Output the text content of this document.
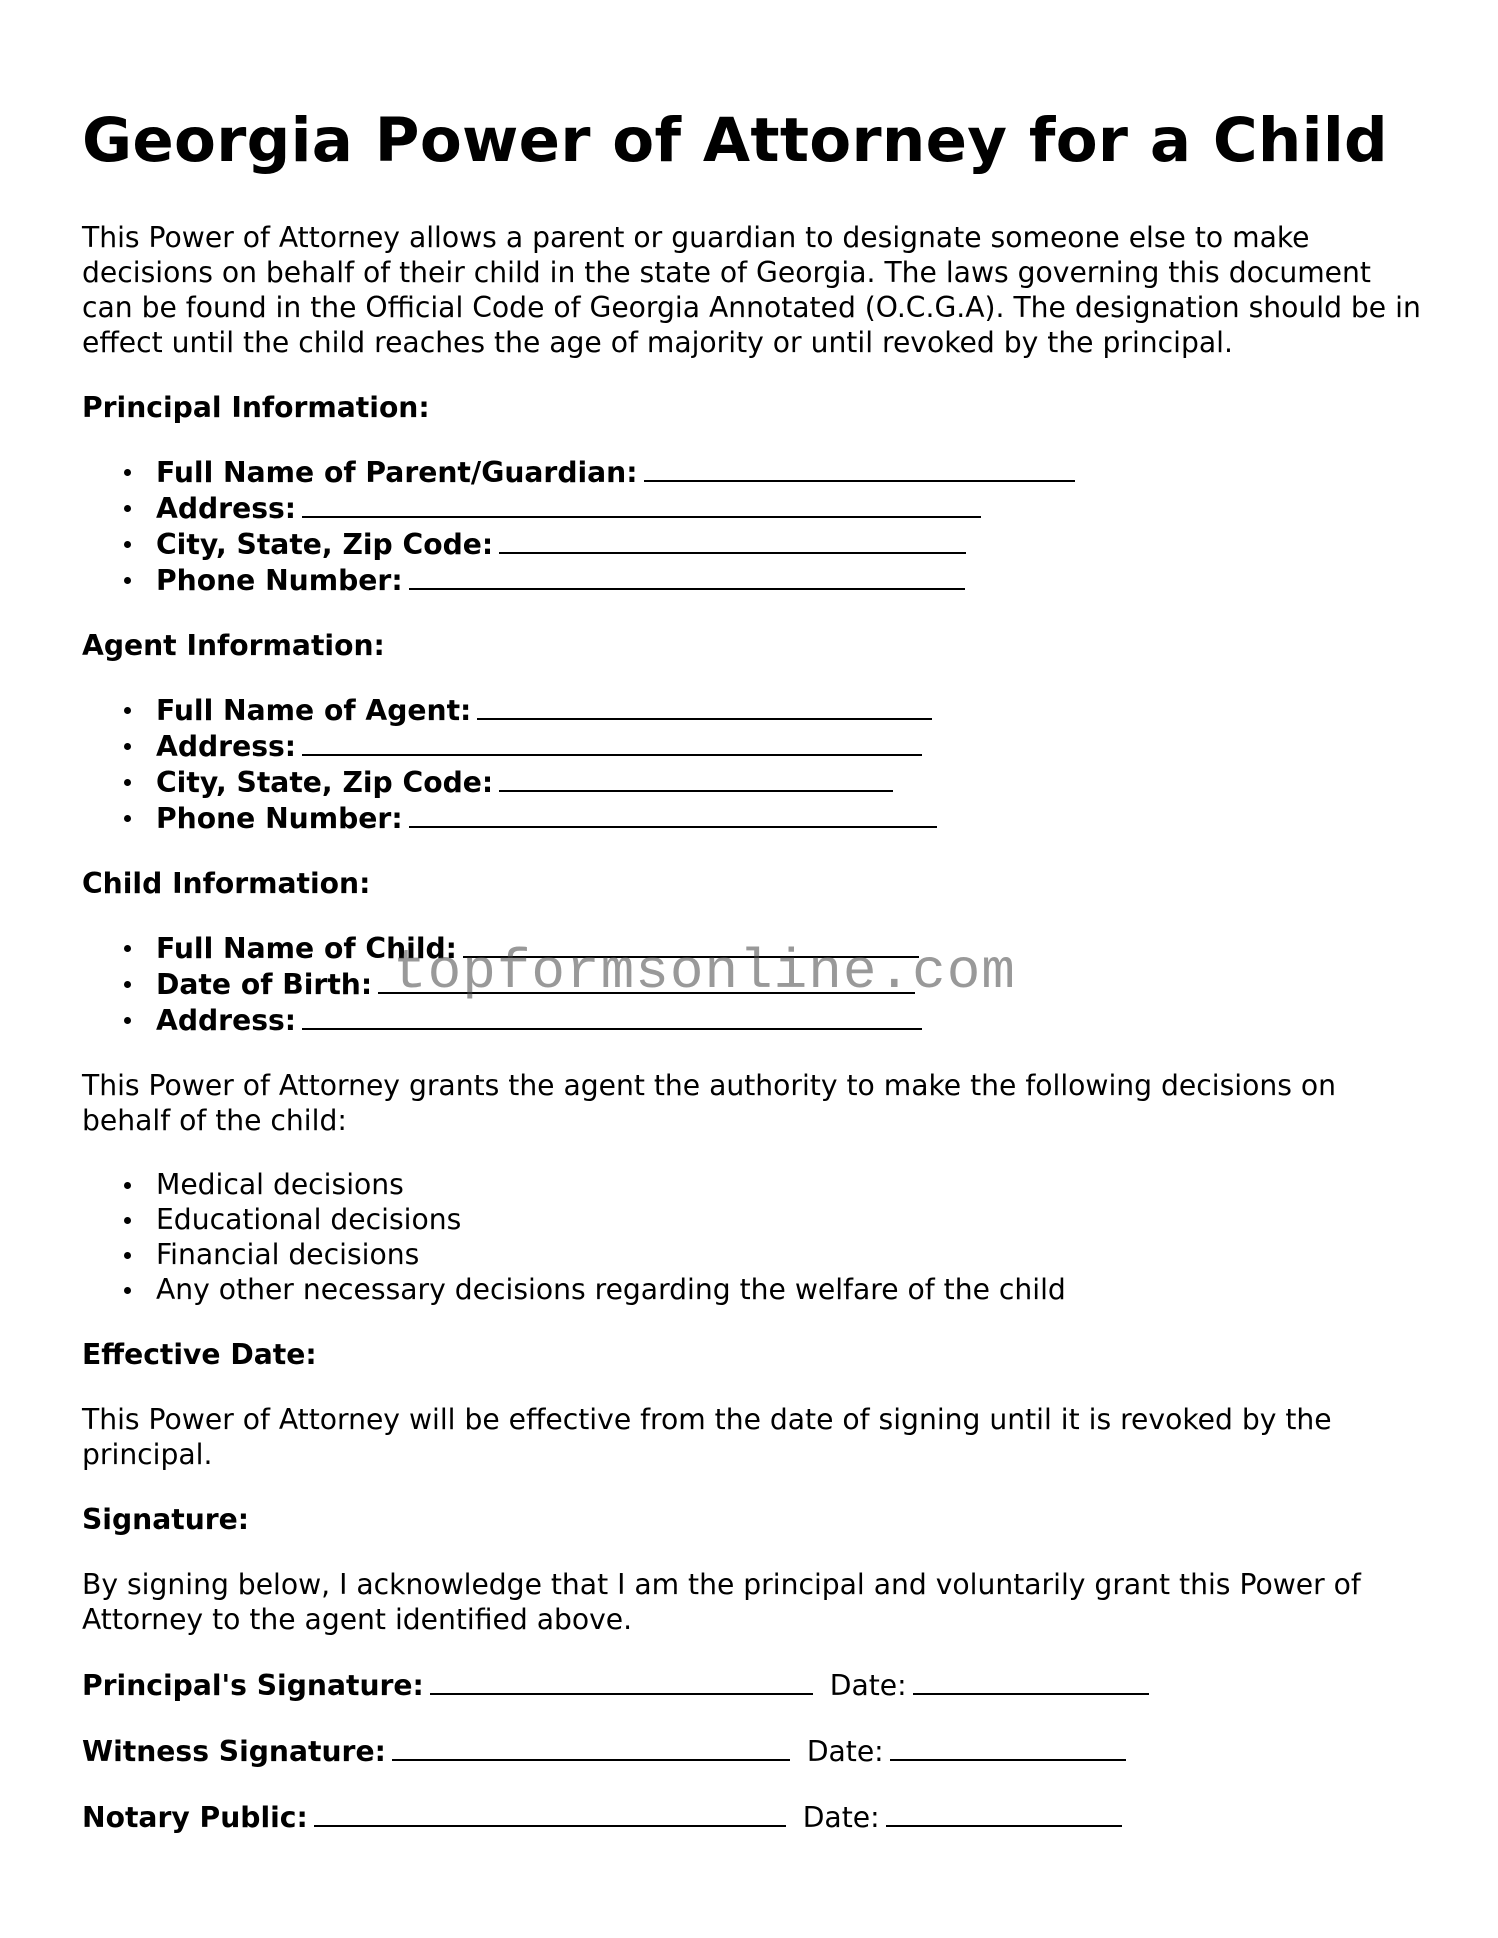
Georgia Power of Attorney for a Child

This Power of Attorney allows a parent or guardian to designate someone else to make decisions on behalf of their child in the state of Georgia. The laws governing this document can be found in the Official Code of Georgia Annotated (O.C.G.A). The designation should be in effect until the child reaches the age of majority or until revoked by the principal.

Principal Information:

Full Name of Parent/Guardian:
Address:
City, State, Zip Code:
Phone Number:

Agent Information:

Full Name of Agent:
Address:
City, State, Zip Code:
Phone Number:

Child Information:

Full Name of Child:
Date of Birth:
Address:

This Power of Attorney grants the agent the authority to make the following decisions on behalf of the child:

Medical decisions
Educational decisions
Financial decisions
Any other necessary decisions regarding the welfare of the child

Effective Date:

This Power of Attorney will be effective from the date of signing until it is revoked by the principal.

Signature:

By signing below, I acknowledge that I am the principal and voluntarily grant this Power of Attorney to the agent identified above.

Principal's Signature:	Date:
Witness Signature:	Date:
Notary Public:	Date:
topformsonline.com
